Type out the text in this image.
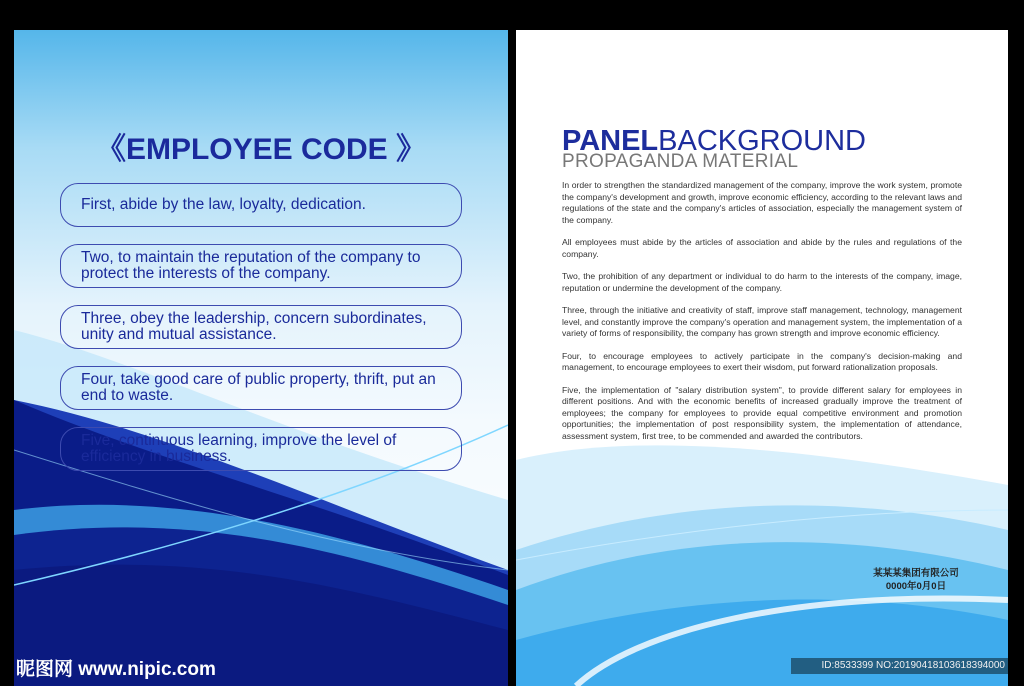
《EMPLOYEE CODE 》
First, abide by the law, loyalty, dedication.
Two, to maintain the reputation of the company to protect the interests of the company.
Three, obey the leadership, concern subordinates, unity and mutual assistance.
Four, take good care of public property, thrift, put an end to waste.
Five, continuous learning, improve the level of efficiency in business.
PANELBACKGROUND
PROPAGANDA MATERIAL

In order to strengthen the standardized management of the company, improve the work system, promote the company's development and growth, improve economic efficiency, according to the relevant laws and regulations of the state and the company's articles of association, especially the management system of the company.

All employees must abide by the articles of association and abide by the rules and regulations of the company.

Two, the prohibition of any department or individual to do harm to the interests of the company, image, reputation or undermine the development of the company.

Three, through the initiative and creativity of staff, improve staff management, technology, management level, and constantly improve the company's operation and management system, the implementation of a variety of forms of responsibility, the company has grown strength and improve economic efficiency.

Four, to encourage employees to actively participate in the company's decision-making and management, to encourage employees to exert their wisdom, put forward rationalization proposals.

Five, the implementation of "salary distribution system", to provide different salary for employees in different positions. And with the economic benefits of increased gradually improve the treatment of employees; the company for employees to provide equal competitive environment and promotion opportunities; the implementation of post responsibility system, the implementation of attendance, assessment system, first tree, to be commended and awarded the contributors.

某某某集团有限公司
0000年0月0日
昵图网 www.nipic.com	ID:8533399 NO:20190418103618394000
